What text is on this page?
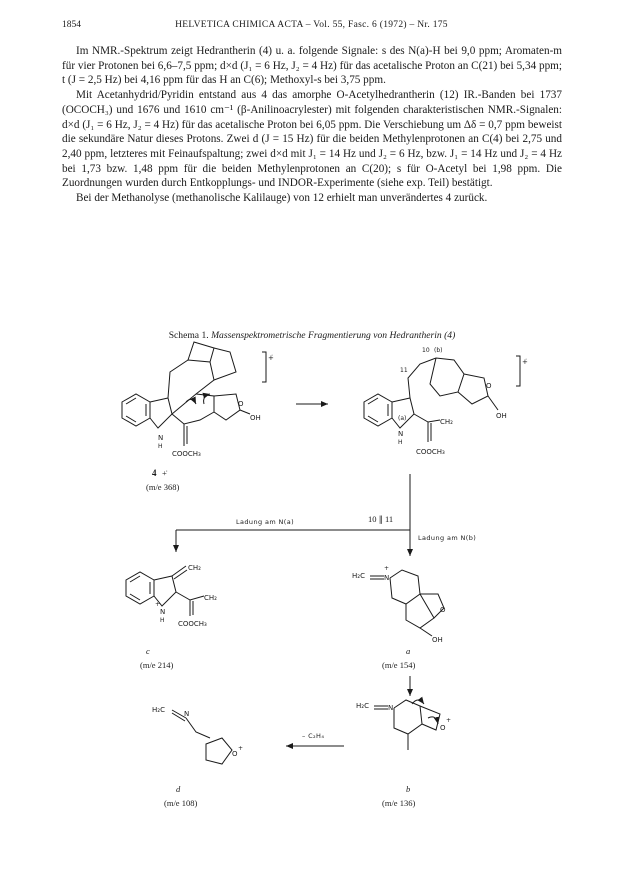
1854	HELVETICA CHIMICA ACTA – Vol. 55, Fasc. 6 (1972) – Nr. 175

Im NMR.-Spektrum zeigt Hedrantherin (4) u. a. folgende Signale: s des N(a)-H bei 9,0 ppm; Aromaten-m für vier Protonen bei 6,6–7,5 ppm; d×d (J₁ = 6 Hz, J₂ = 4 Hz) für das acetalische Proton an C(21) bei 5,34 ppm; t (J = 2,5 Hz) bei 4,16 ppm für das H an C(6); Methoxyl-s bei 3,75 ppm.

Mit Acetanhydrid/Pyridin entstand aus 4 das amorphe O-Acetylhedrantherin (12) IR.-Banden bei 1737 (OCOCH₃) und 1676 und 1610 cm⁻¹ (β-Anilinoacrylester) mit folgenden charakteristischen NMR.-Signalen: d×d (J₁ = 6 Hz, J₂ = 4 Hz) für das acetalische Proton bei 6,05 ppm. Die Verschiebung um Δδ = 0,7 ppm beweist die sekundäre Natur dieses Protons. Zwei d (J = 15 Hz) für die beiden Methylenprotonen an C(4) bei 2,75 und 2,40 ppm, letzteres mit Feinaufspaltung; zwei d×d mit J₁ = 14 Hz und J₂ = 6 Hz, bzw. J₁ = 14 Hz und J₂ = 4 Hz bei 1,73 bzw. 1,48 ppm für die beiden Methylenprotonen an C(20); s für O-Acetyl bei 1,98 ppm. Die Zuordnungen wurden durch Entkopplungs- und INDOR-Experimente (siehe exp. Teil) bestätigt.

Bei der Methanolyse (methanolische Kalilauge) von 12 erhielt man unverändertes 4 zurück.

Schema 1. Massenspektrometrische Fragmentierung von Hedrantherin (4)
N
H
O
OH
COOCH₃
+̇
4 +̇
(m/e 368)
10 (b)
11
(a)
N
H
CH₂
O
OH
COOCH₃
+̇
10 ∥ 11
Ladung am N(a)
Ladung am N(b)
CH₂
CH₂
N
+
H COOCH₃
c
(m/e 214)
H₂C	N
+
O
OH
a
(m/e 154)
H₂C	N
O
+
d
(m/e 108)
– C₂H₄
H₂C	N
O
+
b
(m/e 136)
